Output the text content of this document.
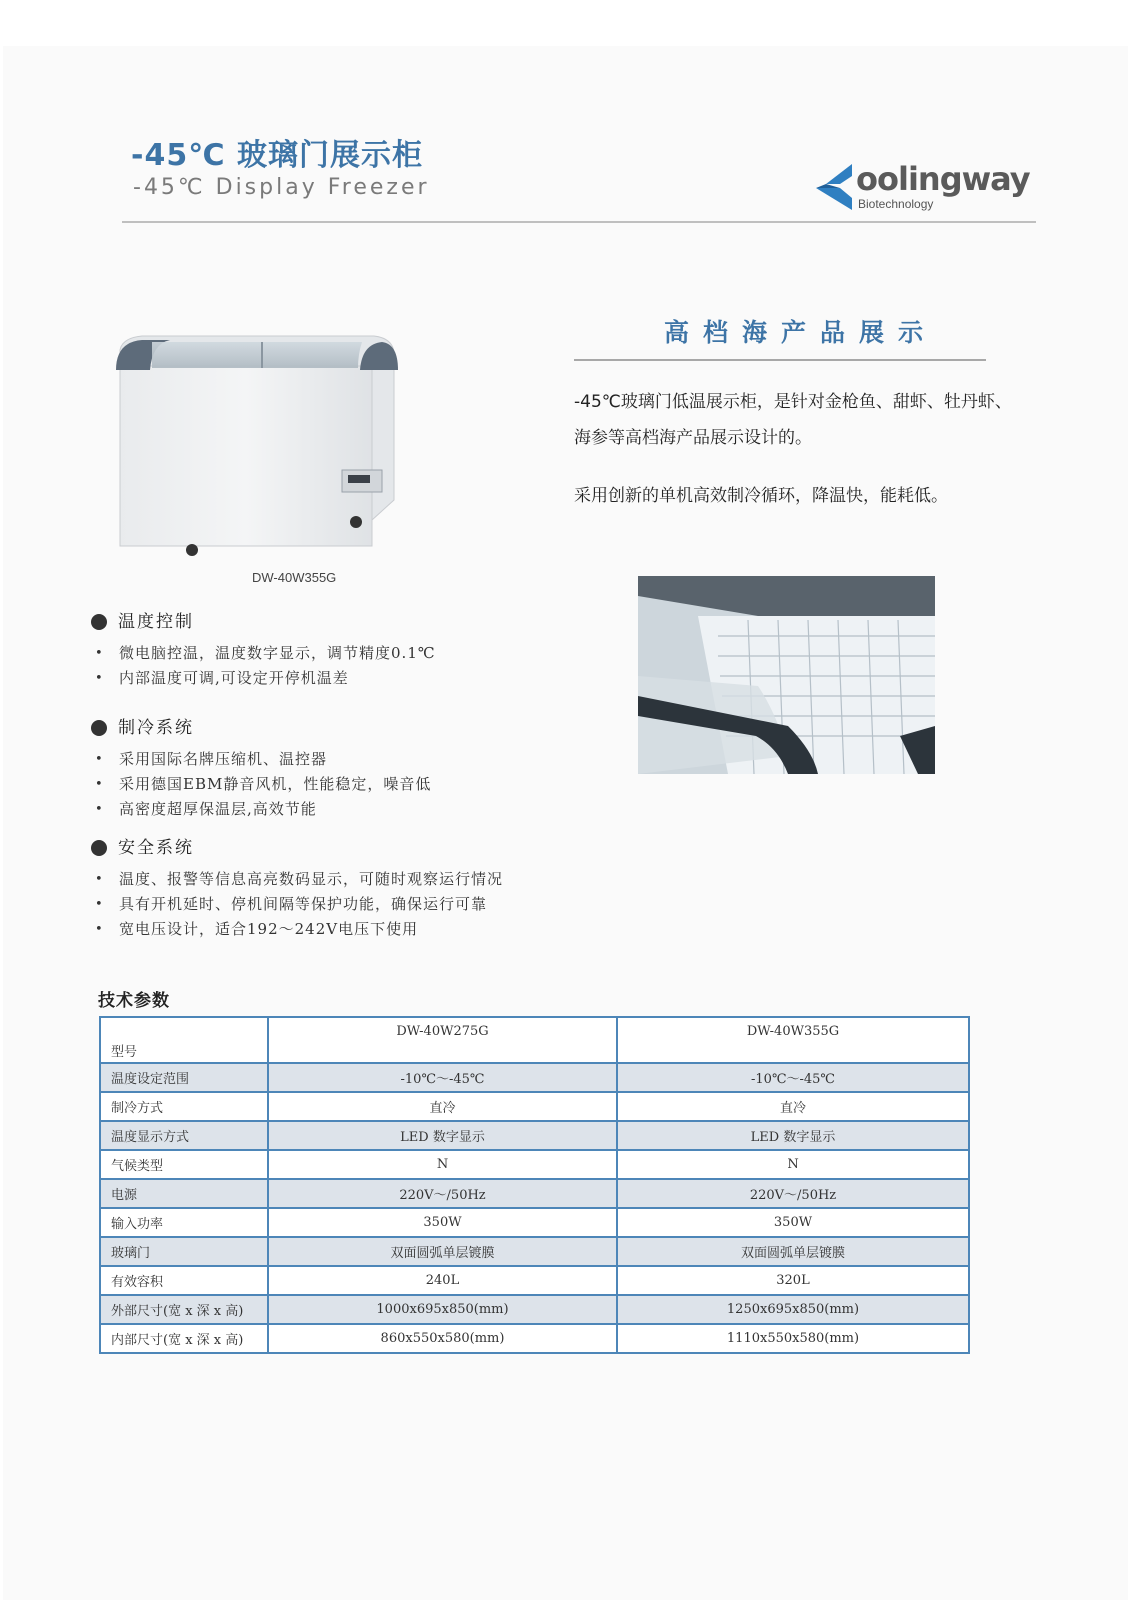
-45℃ 玻璃门展示柜
-45℃ Display Freezer	oolingway
Biotechnology
DW-40W355G
高档海产品展示
-45℃玻璃门低温展示柜，是针对金枪鱼、甜虾、牡丹虾、海参等高档海产品展示设计的。
采用创新的单机高效制冷循环，降温快，能耗低。
温度控制
• 微电脑控温，温度数字显示，调节精度0.1℃
• 内部温度可调,可设定开停机温差
制冷系统
• 采用国际名牌压缩机、温控器
• 采用德国EBM静音风机，性能稳定，噪音低
• 高密度超厚保温层,高效节能
安全系统
• 温度、报警等信息高亮数码显示，可随时观察运行情况
• 具有开机延时、停机间隔等保护功能，确保运行可靠
• 宽电压设计，适合192～242V电压下使用
技术参数
型号	DW-40W275G	DW-40W355G
温度设定范围	-10℃～-45℃	-10℃～-45℃
制冷方式	直冷	直冷
温度显示方式	LED 数字显示	LED 数字显示
气候类型	N	N
电源	220V～/50Hz	220V～/50Hz
输入功率	350W	350W
玻璃门	双面圆弧单层镀膜	双面圆弧单层镀膜
有效容积	240L	320L
外部尺寸(宽 x 深 x 高)	1000x695x850(mm)	1250x695x850(mm)
内部尺寸(宽 x 深 x 高)	860x550x580(mm)	1110x550x580(mm)
